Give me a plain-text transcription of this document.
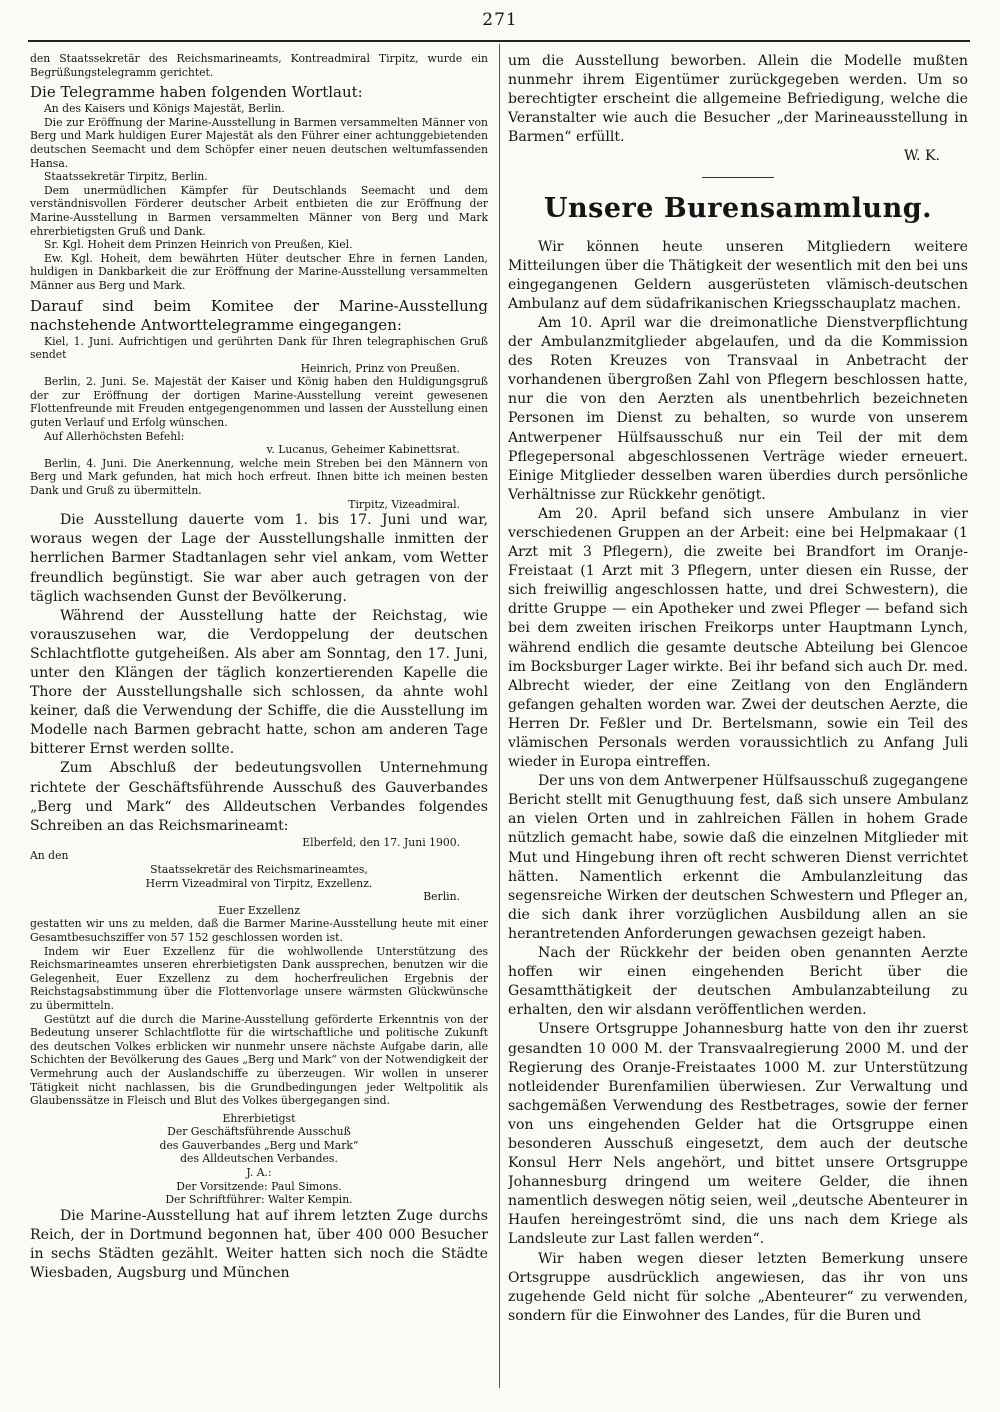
271

den Staatssekretär des Reichsmarineamts, Kontreadmiral Tirpitz, wurde ein Begrüßungstelegramm gerichtet.

Die Telegramme haben folgenden Wortlaut:

An des Kaisers und Königs Majestät, Berlin.

Die zur Eröffnung der Marine-Ausstellung in Barmen versammelten Männer von Berg und Mark huldigen Eurer Majestät als den Führer einer achtunggebietenden deutschen Seemacht und dem Schöpfer einer neuen deutschen weltumfassenden Hansa.

Staatssekretär Tirpitz, Berlin.

Dem unermüdlichen Kämpfer für Deutschlands Seemacht und dem verständnisvollen Förderer deutscher Arbeit entbieten die zur Eröffnung der Marine-Ausstellung in Barmen versammelten Männer von Berg und Mark ehrerbietigsten Gruß und Dank.

Sr. Kgl. Hoheit dem Prinzen Heinrich von Preußen, Kiel.

Ew. Kgl. Hoheit, dem bewährten Hüter deutscher Ehre in fernen Landen, huldigen in Dankbarkeit die zur Eröffnung der Marine-Ausstellung versammelten Männer aus Berg und Mark.

Darauf sind beim Komitee der Marine-Ausstellung nachstehende Antworttelegramme eingegangen:

Kiel, 1. Juni. Aufrichtigen und gerührten Dank für Ihren telegraphischen Gruß sendet

Heinrich, Prinz von Preußen.

Berlin, 2. Juni. Se. Majestät der Kaiser und König haben den Huldigungsgruß der zur Eröffnung der dortigen Marine-Ausstellung vereint gewesenen Flottenfreunde mit Freuden entgegengenommen und lassen der Ausstellung einen guten Verlauf und Erfolg wünschen.

Auf Allerhöchsten Befehl:

v. Lucanus, Geheimer Kabinettsrat.

Berlin, 4. Juni. Die Anerkennung, welche mein Streben bei den Männern von Berg und Mark gefunden, hat mich hoch erfreut. Ihnen bitte ich meinen besten Dank und Gruß zu übermitteln.

Tirpitz, Vizeadmiral.

Die Ausstellung dauerte vom 1. bis 17. Juni und war, woraus wegen der Lage der Ausstellungshalle inmitten der herrlichen Barmer Stadtanlagen sehr viel ankam, vom Wetter freundlich begünstigt. Sie war aber auch getragen von der täglich wachsenden Gunst der Bevölkerung.

Während der Ausstellung hatte der Reichstag, wie vorauszusehen war, die Verdoppelung der deutschen Schlachtflotte gutgeheißen. Als aber am Sonntag, den 17. Juni, unter den Klängen der täglich konzertierenden Kapelle die Thore der Ausstellungshalle sich schlossen, da ahnte wohl keiner, daß die Verwendung der Schiffe, die die Ausstellung im Modelle nach Barmen gebracht hatte, schon am anderen Tage bitterer Ernst werden sollte.

Zum Abschluß der bedeutungsvollen Unternehmung richtete der Geschäftsführende Ausschuß des Gauverbandes „Berg und Mark“ des Alldeutschen Verbandes folgendes Schreiben an das Reichsmarineamt:

Elberfeld, den 17. Juni 1900.

An den

Staatssekretär des Reichsmarineamtes,

Herrn Vizeadmiral von Tirpitz, Exzellenz.

Berlin.

Euer Exzellenz

gestatten wir uns zu melden, daß die Barmer Marine-Ausstellung heute mit einer Gesamtbesuchsziffer von 57 152 geschlossen worden ist.

Indem wir Euer Exzellenz für die wohlwollende Unterstützung des Reichsmarineamtes unseren ehrerbietigsten Dank aussprechen, benutzen wir die Gelegenheit, Euer Exzellenz zu dem hocherfreulichen Ergebnis der Reichstagsabstimmung über die Flottenvorlage unsere wärmsten Glückwünsche zu übermitteln.

Gestützt auf die durch die Marine-Ausstellung geförderte Erkenntnis von der Bedeutung unserer Schlachtflotte für die wirtschaftliche und politische Zukunft des deutschen Volkes erblicken wir nunmehr unsere nächste Aufgabe darin, alle Schichten der Bevölkerung des Gaues „Berg und Mark“ von der Notwendigkeit der Vermehrung auch der Auslandschiffe zu überzeugen. Wir wollen in unserer Tätigkeit nicht nachlassen, bis die Grundbedingungen jeder Weltpolitik als Glaubenssätze in Fleisch und Blut des Volkes übergegangen sind.

Ehrerbietigst

Der Geschäftsführende Ausschuß

des Gauverbandes „Berg und Mark“

des Alldeutschen Verbandes.

J. A.:

Der Vorsitzende: Paul Simons.

Der Schriftführer: Walter Kempin.

Die Marine-Ausstellung hat auf ihrem letzten Zuge durchs Reich, der in Dortmund begonnen hat, über 400 000 Besucher in sechs Städten gezählt. Weiter hatten sich noch die Städte Wiesbaden, Augsburg und München

um die Ausstellung beworben. Allein die Modelle mußten nunmehr ihrem Eigentümer zurückgegeben werden. Um so berechtigter erscheint die allgemeine Befriedigung, welche die Veranstalter wie auch die Besucher „der Marineausstellung in Barmen“ erfüllt.

W. K.

Unsere Burensammlung.

Wir können heute unseren Mitgliedern weitere Mitteilungen über die Thätigkeit der wesentlich mit den bei uns eingegangenen Geldern ausgerüsteten vlämisch-deutschen Ambulanz auf dem südafrikanischen Kriegsschauplatz machen.

Am 10. April war die dreimonatliche Dienstverpflichtung der Ambulanzmitglieder abgelaufen, und da die Kommission des Roten Kreuzes von Transvaal in Anbetracht der vorhandenen übergroßen Zahl von Pflegern beschlossen hatte, nur die von den Aerzten als unentbehrlich bezeichneten Personen im Dienst zu behalten, so wurde von unserem Antwerpener Hülfsausschuß nur ein Teil der mit dem Pflegepersonal abgeschlossenen Verträge wieder erneuert. Einige Mitglieder desselben waren überdies durch persönliche Verhältnisse zur Rückkehr genötigt.

Am 20. April befand sich unsere Ambulanz in vier verschiedenen Gruppen an der Arbeit: eine bei Helpmakaar (1 Arzt mit 3 Pflegern), die zweite bei Brandfort im Oranje-Freistaat (1 Arzt mit 3 Pflegern, unter diesen ein Russe, der sich freiwillig angeschlossen hatte, und drei Schwestern), die dritte Gruppe — ein Apotheker und zwei Pfleger — befand sich bei dem zweiten irischen Freikorps unter Hauptmann Lynch, während endlich die gesamte deutsche Abteilung bei Glencoe im Bocksburger Lager wirkte. Bei ihr befand sich auch Dr. med. Albrecht wieder, der eine Zeitlang von den Engländern gefangen gehalten worden war. Zwei der deutschen Aerzte, die Herren Dr. Feßler und Dr. Bertelsmann, sowie ein Teil des vlämischen Personals werden voraussichtlich zu Anfang Juli wieder in Europa eintreffen.

Der uns von dem Antwerpener Hülfsausschuß zugegangene Bericht stellt mit Genugthuung fest, daß sich unsere Ambulanz an vielen Orten und in zahlreichen Fällen in hohem Grade nützlich gemacht habe, sowie daß die einzelnen Mitglieder mit Mut und Hingebung ihren oft recht schweren Dienst verrichtet hätten. Namentlich erkennt die Ambulanzleitung das segensreiche Wirken der deutschen Schwestern und Pfleger an, die sich dank ihrer vorzüglichen Ausbildung allen an sie herantretenden Anforderungen gewachsen gezeigt haben.

Nach der Rückkehr der beiden oben genannten Aerzte hoffen wir einen eingehenden Bericht über die Gesamtthätigkeit der deutschen Ambulanzabteilung zu erhalten, den wir alsdann veröffentlichen werden.

Unsere Ortsgruppe Johannesburg hatte von den ihr zuerst gesandten 10 000 M. der Transvaalregierung 2000 M. und der Regierung des Oranje-Freistaates 1000 M. zur Unterstützung notleidender Burenfamilien überwiesen. Zur Verwaltung und sachgemäßen Verwendung des Restbetrages, sowie der ferner von uns eingehenden Gelder hat die Ortsgruppe einen besonderen Ausschuß eingesetzt, dem auch der deutsche Konsul Herr Nels angehört, und bittet unsere Ortsgruppe Johannesburg dringend um weitere Gelder, die ihnen namentlich deswegen nötig seien, weil „deutsche Abenteurer in Haufen hereingeströmt sind, die uns nach dem Kriege als Landsleute zur Last fallen werden“.

Wir haben wegen dieser letzten Bemerkung unsere Ortsgruppe ausdrücklich angewiesen, das ihr von uns zugehende Geld nicht für solche „Abenteurer“ zu verwenden, sondern für die Einwohner des Landes, für die Buren und
